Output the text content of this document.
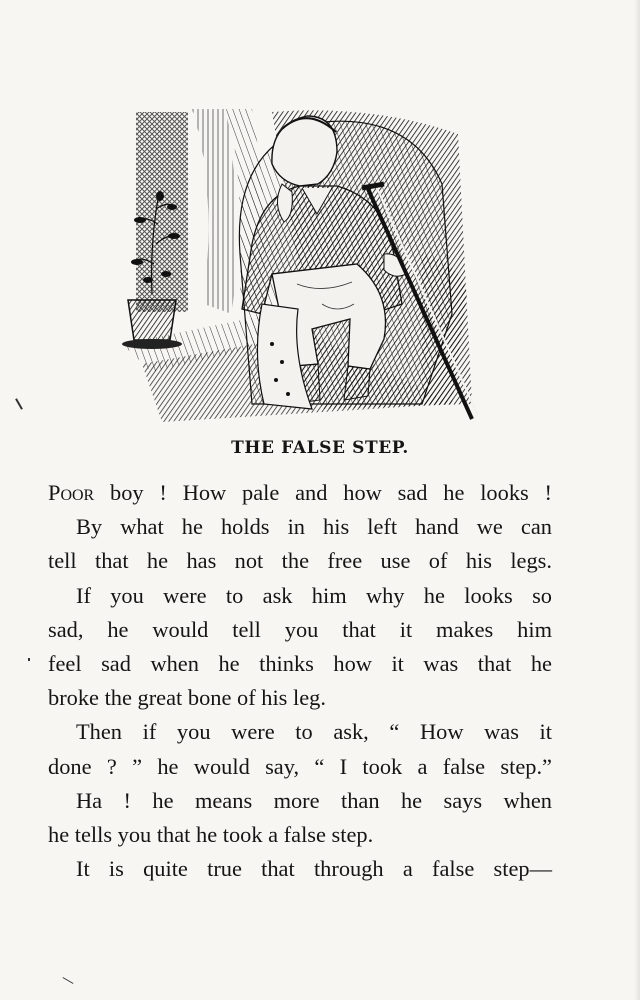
THE FALSE STEP.

Poor boy ! How pale and how sad he looks !

By what he holds in his left hand we can

tell that he has not the free use of his legs.

If you were to ask him why he looks so

sad, he would tell you that it makes him

feel sad when he thinks how it was that he

broke the great bone of his leg.

Then if you were to ask, “ How was it

done ? ” he would say, “ I took a false step.”

Ha ! he means more than he says when

he tells you that he took a false step.

It is quite true that through a false step—
